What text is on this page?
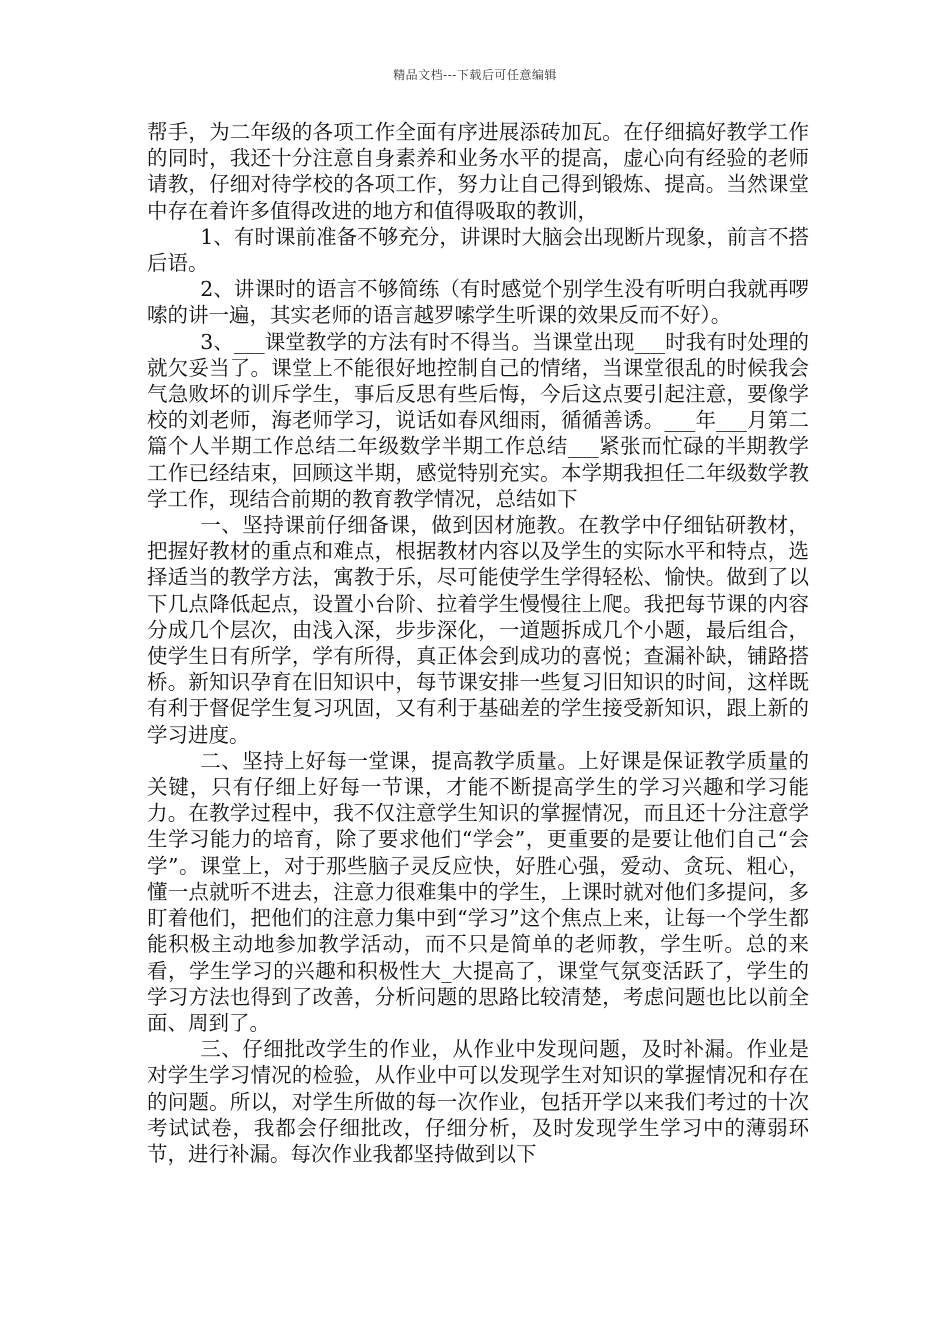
精品文档---下载后可任意编辑

帮手，为二年级的各项工作全面有序进展添砖加瓦。在仔细搞好教学工作的同时，我还十分注意自身素养和业务水平的提高，虚心向有经验的老师请教，仔细对待学校的各项工作，努力让自己得到锻炼、提高。当然课堂中存在着许多值得改进的地方和值得吸取的教训，

1、有时课前准备不够充分，讲课时大脑会出现断片现象，前言不搭后语。

2、讲课时的语言不够简练（有时感觉个别学生没有听明白我就再啰嗦的讲一遍，其实老师的语言越罗嗦学生听课的效果反而不好）。

3、___课堂教学的方法有时不得当。当课堂出现___时我有时处理的就欠妥当了。课堂上不能很好地控制自己的情绪，当课堂很乱的时候我会气急败坏的训斥学生，事后反思有些后悔，今后这点要引起注意，要像学校的刘老师，海老师学习，说话如春风细雨，循循善诱。___年___月第二篇个人半期工作总结二年级数学半期工作总结___紧张而忙碌的半期教学工作已经结束，回顾这半期，感觉特别充实。本学期我担任二年级数学教学工作，现结合前期的教育教学情况，总结如下

一、坚持课前仔细备课，做到因材施教。在教学中仔细钻研教材，把握好教材的重点和难点，根据教材内容以及学生的实际水平和特点，选择适当的教学方法，寓教于乐，尽可能使学生学得轻松、愉快。做到了以下几点降低起点，设置小台阶、拉着学生慢慢往上爬。我把每节课的内容分成几个层次，由浅入深，步步深化，一道题拆成几个小题，最后组合，使学生日有所学，学有所得，真正体会到成功的喜悦；查漏补缺，铺路搭桥。新知识孕育在旧知识中，每节课安排一些复习旧知识的时间，这样既有利于督促学生复习巩固，又有利于基础差的学生接受新知识，跟上新的学习进度。

二、坚持上好每一堂课，提高教学质量。上好课是保证教学质量的关键，只有仔细上好每一节课，才能不断提高学生的学习兴趣和学习能力。在教学过程中，我不仅注意学生知识的掌握情况，而且还十分注意学生学习能力的培育，除了要求他们“学会”，更重要的是要让他们自己“会学”。课堂上，对于那些脑子灵反应快，好胜心强，爱动、贪玩、粗心，懂一点就听不进去，注意力很难集中的学生，上课时就对他们多提问，多盯着他们，把他们的注意力集中到“学习”这个焦点上来，让每一个学生都能积极主动地参加教学活动，而不只是简单的老师教，学生听。总的来看，学生学习的兴趣和积极性大_大提高了，课堂气氛变活跃了，学生的学习方法也得到了改善，分析问题的思路比较清楚，考虑问题也比以前全面、周到了。

三、仔细批改学生的作业，从作业中发现问题，及时补漏。作业是对学生学习情况的检验，从作业中可以发现学生对知识的掌握情况和存在的问题。所以，对学生所做的每一次作业，包括开学以来我们考过的十次考试试卷，我都会仔细批改，仔细分析，及时发现学生学习中的薄弱环节，进行补漏。每次作业我都坚持做到以下
